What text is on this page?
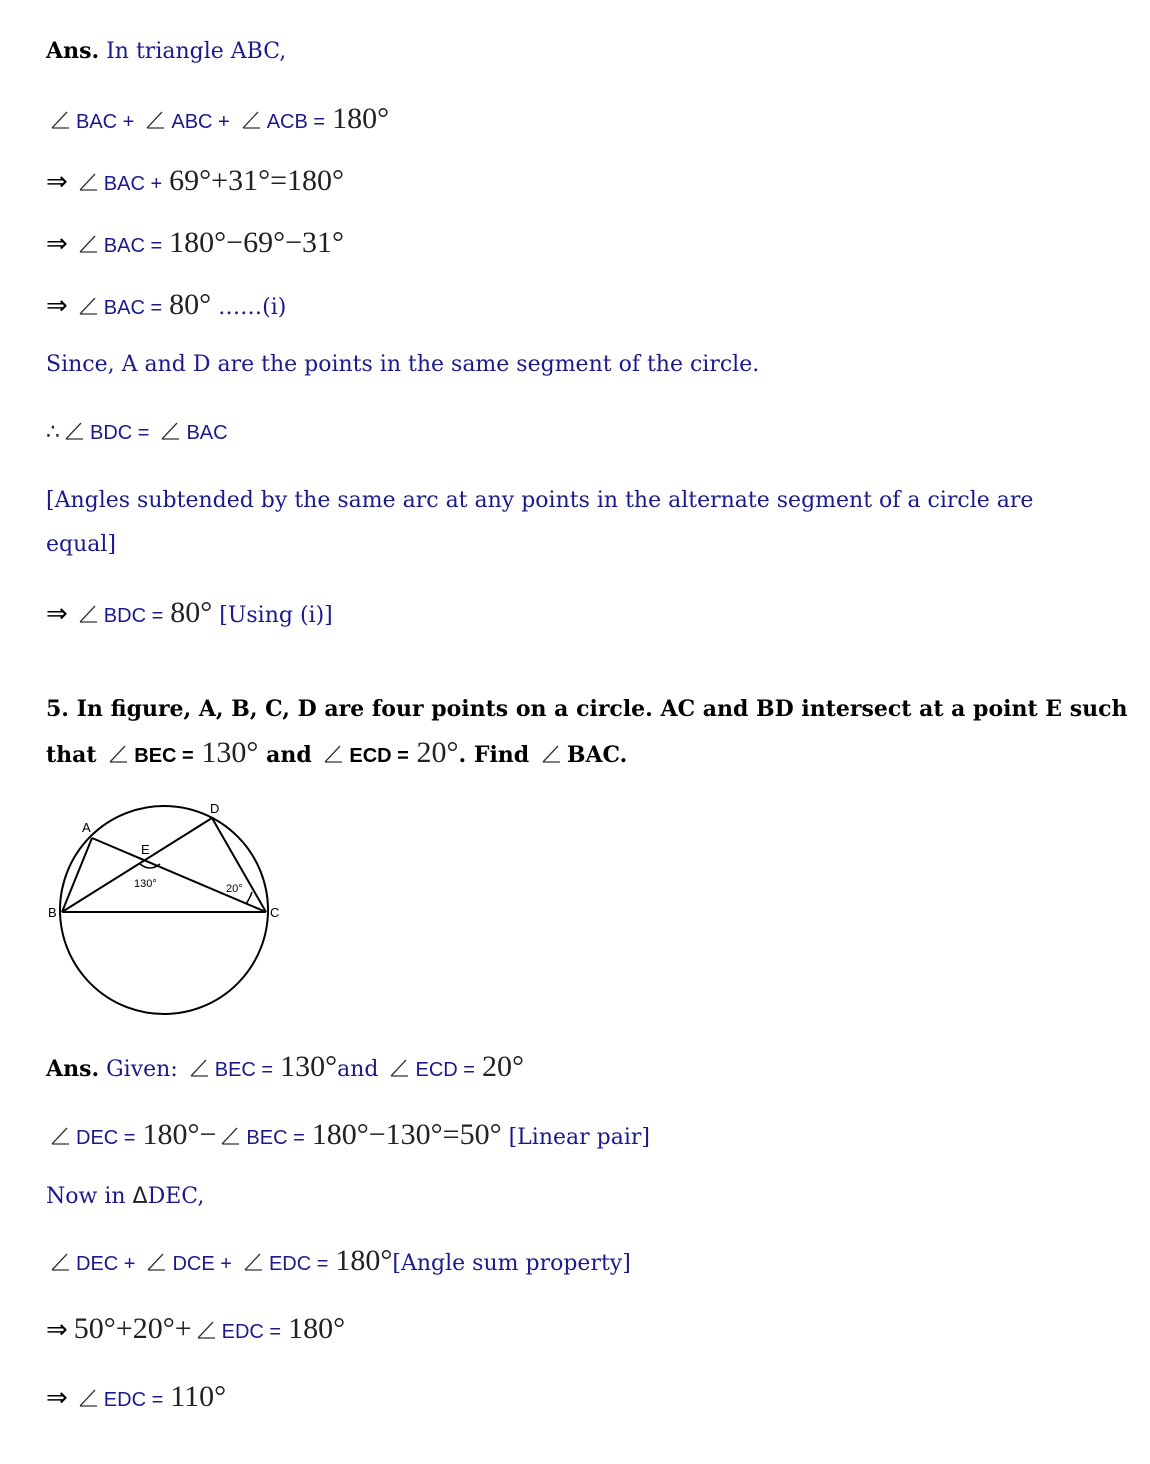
Ans. In triangle ABC,
BAC + ABC + ACB = 180°
⇒ BAC + 69°+31°=180°
⇒ BAC = 180°−69°−31°
⇒ BAC = 80° ……(i)
Since, A and D are the points in the same segment of the circle.
∴ BDC = BAC
[Angles subtended by the same arc at any points in the alternate segment of a circle are
equal]
⇒ BDC = 80° [Using (i)]
5. In figure, A, B, C, D are four points on a circle. AC and BD intersect at a point E such
that BEC = 130° and ECD = 20°. Find BAC.
A
B	C
D
E
130°	20°
Ans. Given: BEC = 130°and ECD = 20°
DEC = 180°− BEC = 180°−130°=50° [Linear pair]
Now in ΔDEC,
DEC + DCE + EDC = 180°[Angle sum property]
⇒ 50°+20°+ EDC = 180°
⇒ EDC = 110°
